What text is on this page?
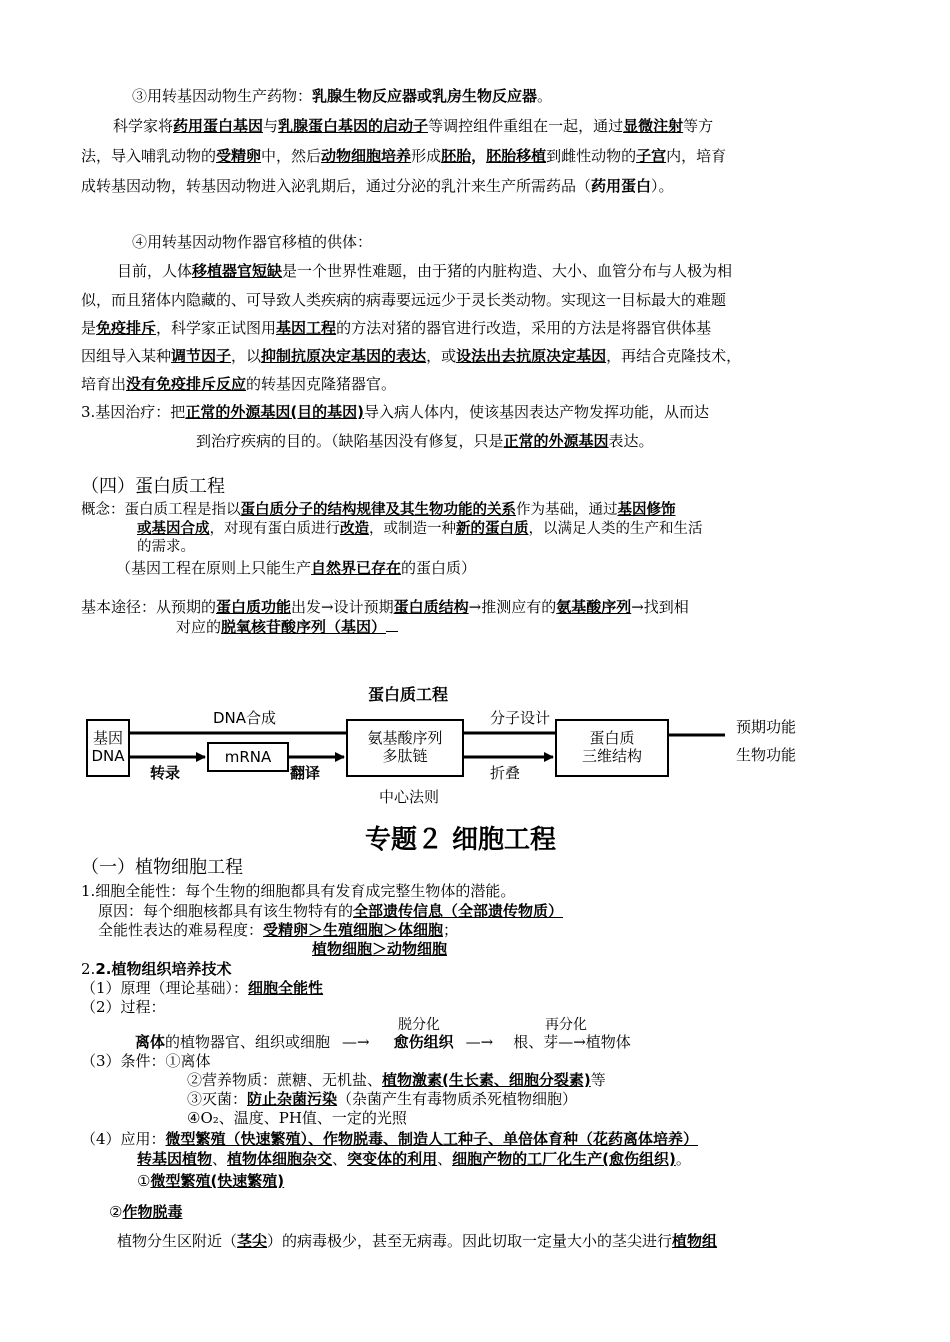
③用转基因动物生产药物：乳腺生物反应器或乳房生物反应器。
科学家将药用蛋白基因与乳腺蛋白基因的启动子等调控组件重组在一起，通过显微注射等方
法，导入哺乳动物的受精卵中，然后动物细胞培养形成胚胎，胚胎移植到雌性动物的子宫内，培育
成转基因动物，转基因动物进入泌乳期后，通过分泌的乳汁来生产所需药品（药用蛋白）。
④用转基因动物作器官移植的供体：
目前，人体移植器官短缺是一个世界性难题，由于猪的内脏构造、大小、血管分布与人极为相
似，而且猪体内隐藏的、可导致人类疾病的病毒要远远少于灵长类动物。实现这一目标最大的难题
是免疫排斥，科学家正试图用基因工程的方法对猪的器官进行改造，采用的方法是将器官供体基
因组导入某种调节因子，以抑制抗原决定基因的表达，或设法出去抗原决定基因，再结合克隆技术，
培育出没有免疫排斥反应的转基因克隆猪器官。
3.基因治疗：把正常的外源基因(目的基因)导入病人体内，使该基因表达产物发挥功能，从而达
到治疗疾病的目的。（缺陷基因没有修复，只是正常的外源基因表达。
（四）蛋白质工程
概念：蛋白质工程是指以蛋白质分子的结构规律及其生物功能的关系作为基础，通过基因修饰
或基因合成，对现有蛋白质进行改造，或制造一种新的蛋白质，以满足人类的生产和生活
的需求。
（基因工程在原则上只能生产自然界已存在的蛋白质）
基本途径：从预期的蛋白质功能出发→设计预期蛋白质结构→推测应有的氨基酸序列→找到相
对应的脱氧核苷酸序列（基因）
蛋白质工程
DNA合成	分子设计
基因
DNA	mRNA
氨基酸序列
多肽链
蛋白质
三维结构
预期功能
生物功能
转录	翻译	折叠
中心法则
专题２ 细胞工程
（一）植物细胞工程
1.细胞全能性：每个生物的细胞都具有发育成完整生物体的潜能。
原因：每个细胞核都具有该生物特有的全部遗传信息（全部遗传物质）
全能性表达的难易程度：受精卵＞生殖细胞＞体细胞；
植物细胞＞动物细胞
2.2.植物组织培养技术
（1）原理（理论基础）：细胞全能性
（2）过程：
脱分化	再分化
离体的植物器官、组织或细胞 —→ 愈伤组织 —→ 根、芽—→植物体
（3）条件：①离体
②营养物质：蔗糖、无机盐、植物激素(生长素、细胞分裂素)等
③灭菌：防止杂菌污染（杂菌产生有毒物质杀死植物细胞）
④O₂、温度、PH值、一定的光照
（4）应用：微型繁殖（快速繁殖）、作物脱毒、制造人工种子、单倍体育种（花药离体培养）
转基因植物、植物体细胞杂交、突变体的利用、细胞产物的工厂化生产(愈伤组织)。
①微型繁殖(快速繁殖)
②作物脱毒
植物分生区附近（茎尖）的病毒极少，甚至无病毒。因此切取一定量大小的茎尖进行植物组
